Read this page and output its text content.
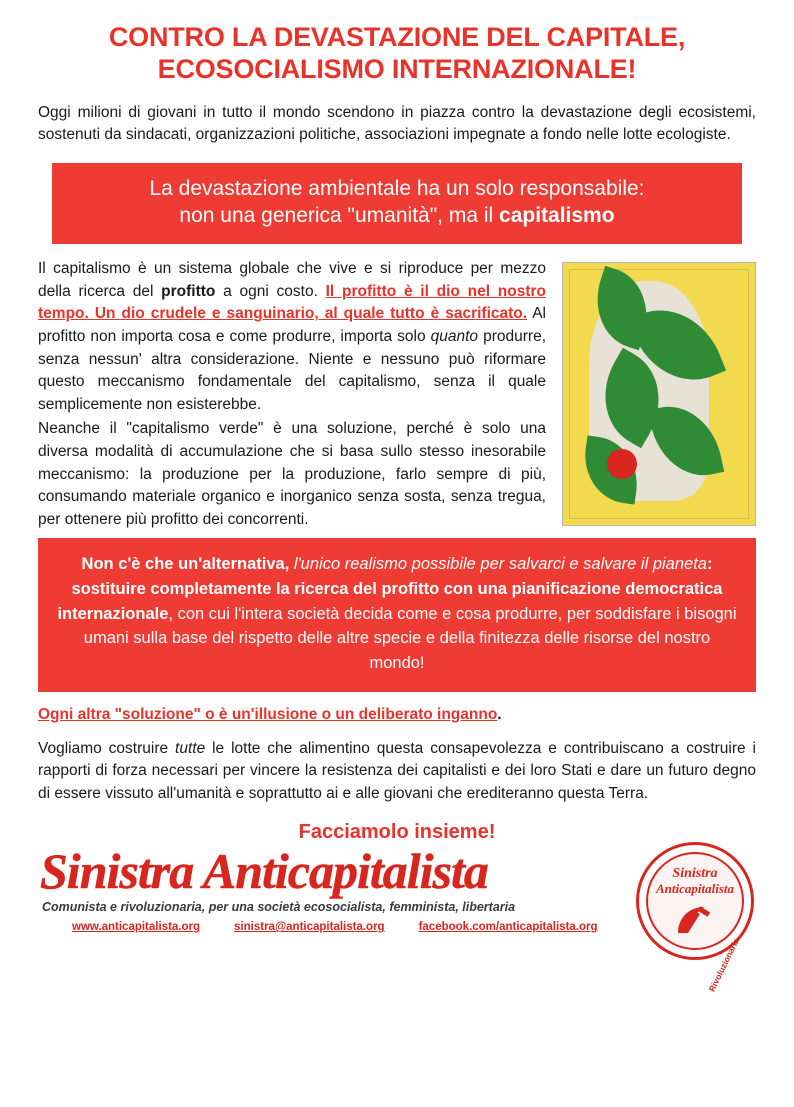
CONTRO LA DEVASTAZIONE DEL CAPITALE,
ECOSOCIALISMO INTERNAZIONALE!

Oggi milioni di giovani in tutto il mondo scendono in piazza contro la devastazione degli ecosistemi, sostenuti da sindacati, organizzazioni politiche, associazioni impegnate a fondo nelle lotte ecologiste.

La devastazione ambientale ha un solo responsabile:
non una generica "umanità", ma il capitalismo

Il capitalismo è un sistema globale che vive e si riproduce per mezzo della ricerca del profitto a ogni costo. Il profitto è il dio nel nostro tempo. Un dio crudele e sanguinario, al quale tutto è sacrificato. Al profitto non importa cosa e come produrre, importa solo quanto produrre, senza nessun' altra considerazione. Niente e nessuno può riformare questo meccanismo fondamentale del capitalismo, senza il quale semplicemente non esisterebbe.

Neanche il "capitalismo verde" è una soluzione, perché è solo una diversa modalità di accumulazione che si basa sullo stesso inesorabile meccanismo: la produzione per la produzione, farlo sempre di più, consumando materiale organico e inorganico senza sosta, senza tregua, per ottenere più profitto dei concorrenti.

Non c'è che un'alternativa, l'unico realismo possibile per salvarci e salvare il pianeta: sostituire completamente la ricerca del profitto con una pianificazione democratica internazionale, con cui l'intera società decida come e cosa produrre, per soddisfare i bisogni umani sulla base del rispetto delle altre specie e della finitezza delle risorse del nostro mondo!

Ogni altra "soluzione" o è un'illusione o un deliberato inganno.

Vogliamo costruire tutte le lotte che alimentino questa consapevolezza e contribuiscano a costruire i rapporti di forza necessari per vincere la resistenza dei capitalisti e dei loro Stati e dare un futuro degno di essere vissuto all'umanità e soprattutto ai e alle giovani che erediteranno questa Terra.

Facciamolo insieme!

Sinistra Anticapitalista
Comunista e rivoluzionaria, per una società ecosocialista, femminista, libertaria
www.anticapitalista.org	sinistra@anticapitalista.org	facebook.com/anticapitalista.org
Sinistra
Anticapitalista
Rivoluzionaria
